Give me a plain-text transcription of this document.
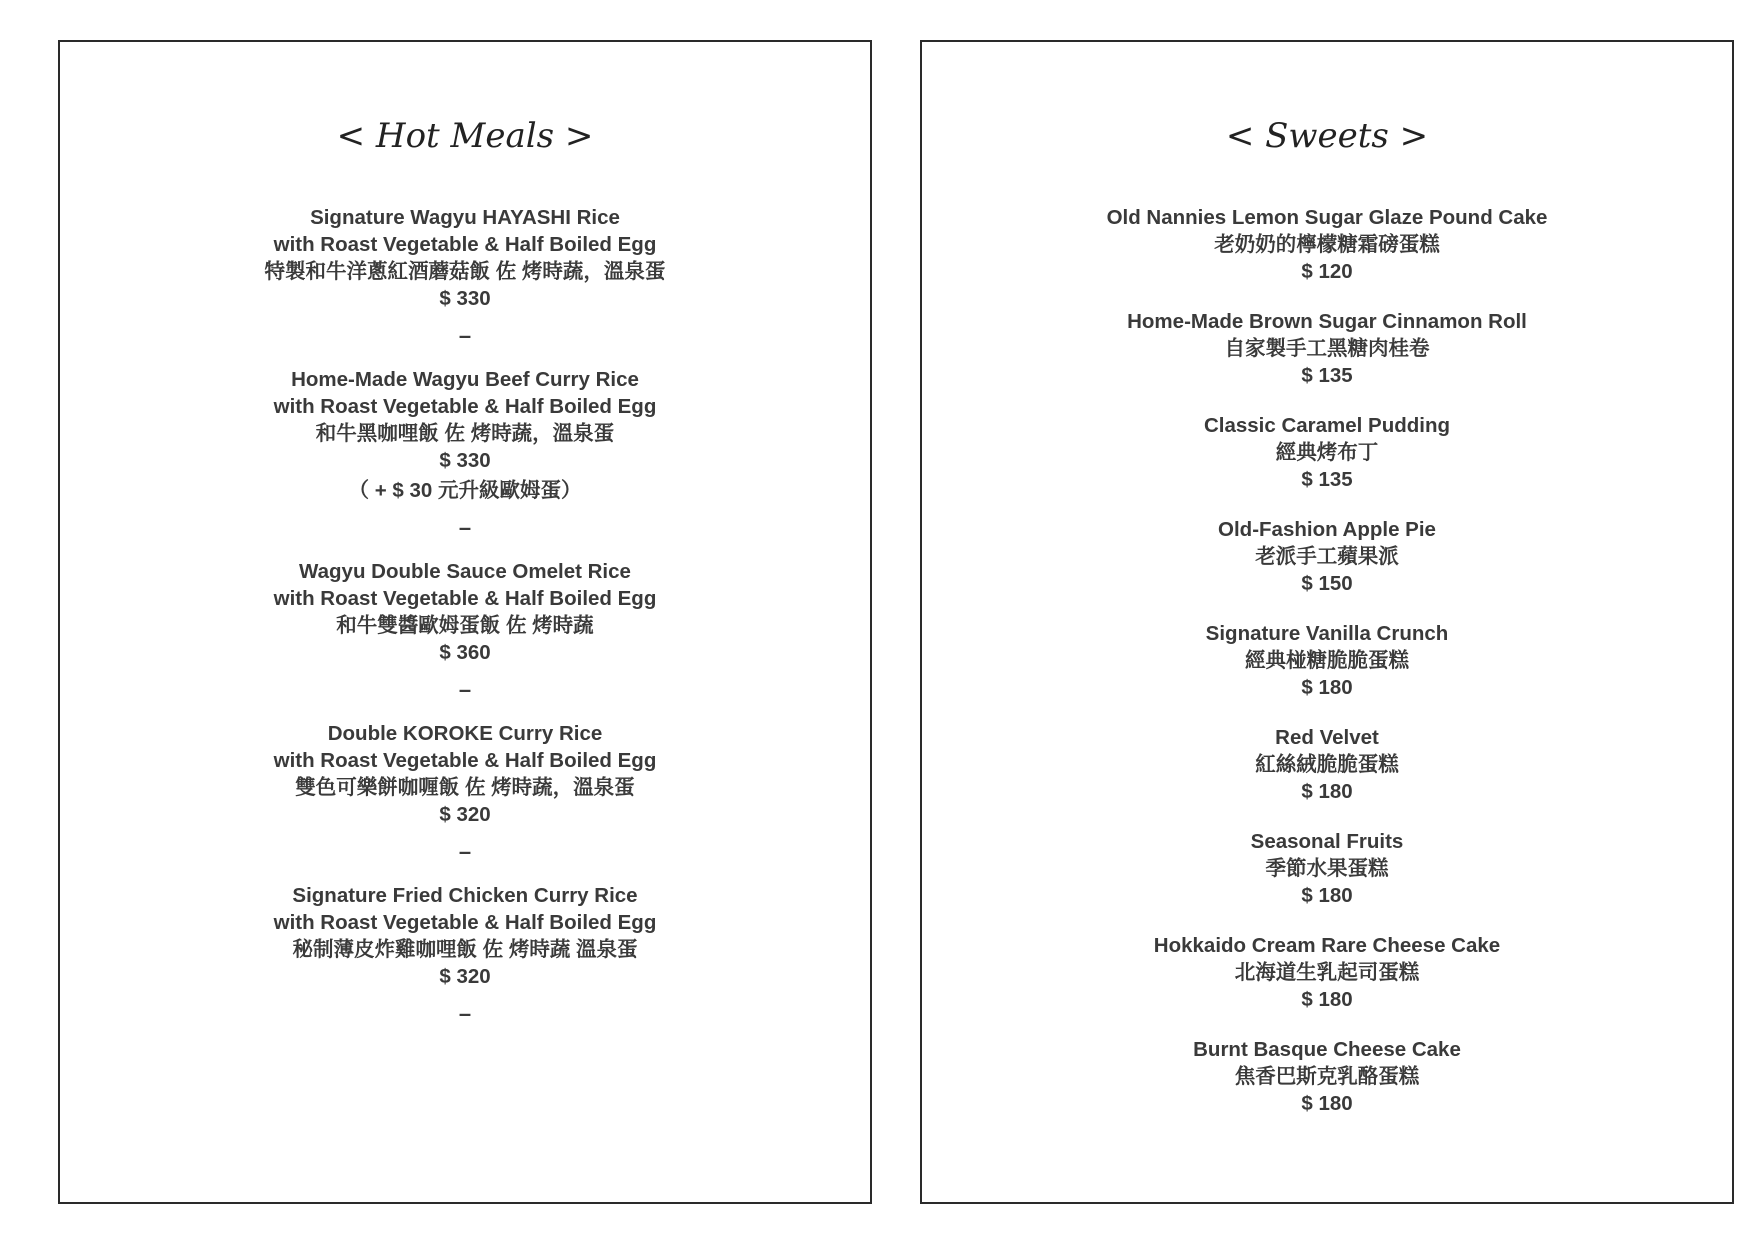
< Hot Meals >
Signature Wagyu HAYASHI Rice
with Roast Vegetable & Half Boiled Egg
特製和牛洋蔥紅酒蘑菇飯 佐 烤時蔬，溫泉蛋
$ 330
–
Home-Made Wagyu Beef Curry Rice
with Roast Vegetable & Half Boiled Egg
和牛黑咖哩飯 佐 烤時蔬，溫泉蛋
$ 330
（ + $ 30 元升級歐姆蛋）
–
Wagyu Double Sauce Omelet Rice
with Roast Vegetable & Half Boiled Egg
和牛雙醬歐姆蛋飯 佐 烤時蔬
$ 360
–
Double KOROKE Curry Rice
with Roast Vegetable & Half Boiled Egg
雙色可樂餅咖喱飯 佐 烤時蔬，溫泉蛋
$ 320
–
Signature Fried Chicken Curry Rice
with Roast Vegetable & Half Boiled Egg
秘制薄皮炸雞咖哩飯 佐 烤時蔬 溫泉蛋
$ 320
–
< Sweets >
Old Nannies Lemon Sugar Glaze Pound Cake
老奶奶的檸檬糖霜磅蛋糕
$ 120
Home-Made Brown Sugar Cinnamon Roll
自家製手工黑糖肉桂卷
$ 135
Classic Caramel Pudding
經典烤布丁
$ 135
Old-Fashion Apple Pie
老派手工蘋果派
$ 150
Signature Vanilla Crunch
經典椪糖脆脆蛋糕
$ 180
Red Velvet
紅絲絨脆脆蛋糕
$ 180
Seasonal Fruits
季節水果蛋糕
$ 180
Hokkaido Cream Rare Cheese Cake
北海道生乳起司蛋糕
$ 180
Burnt Basque Cheese Cake
焦香巴斯克乳酪蛋糕
$ 180
